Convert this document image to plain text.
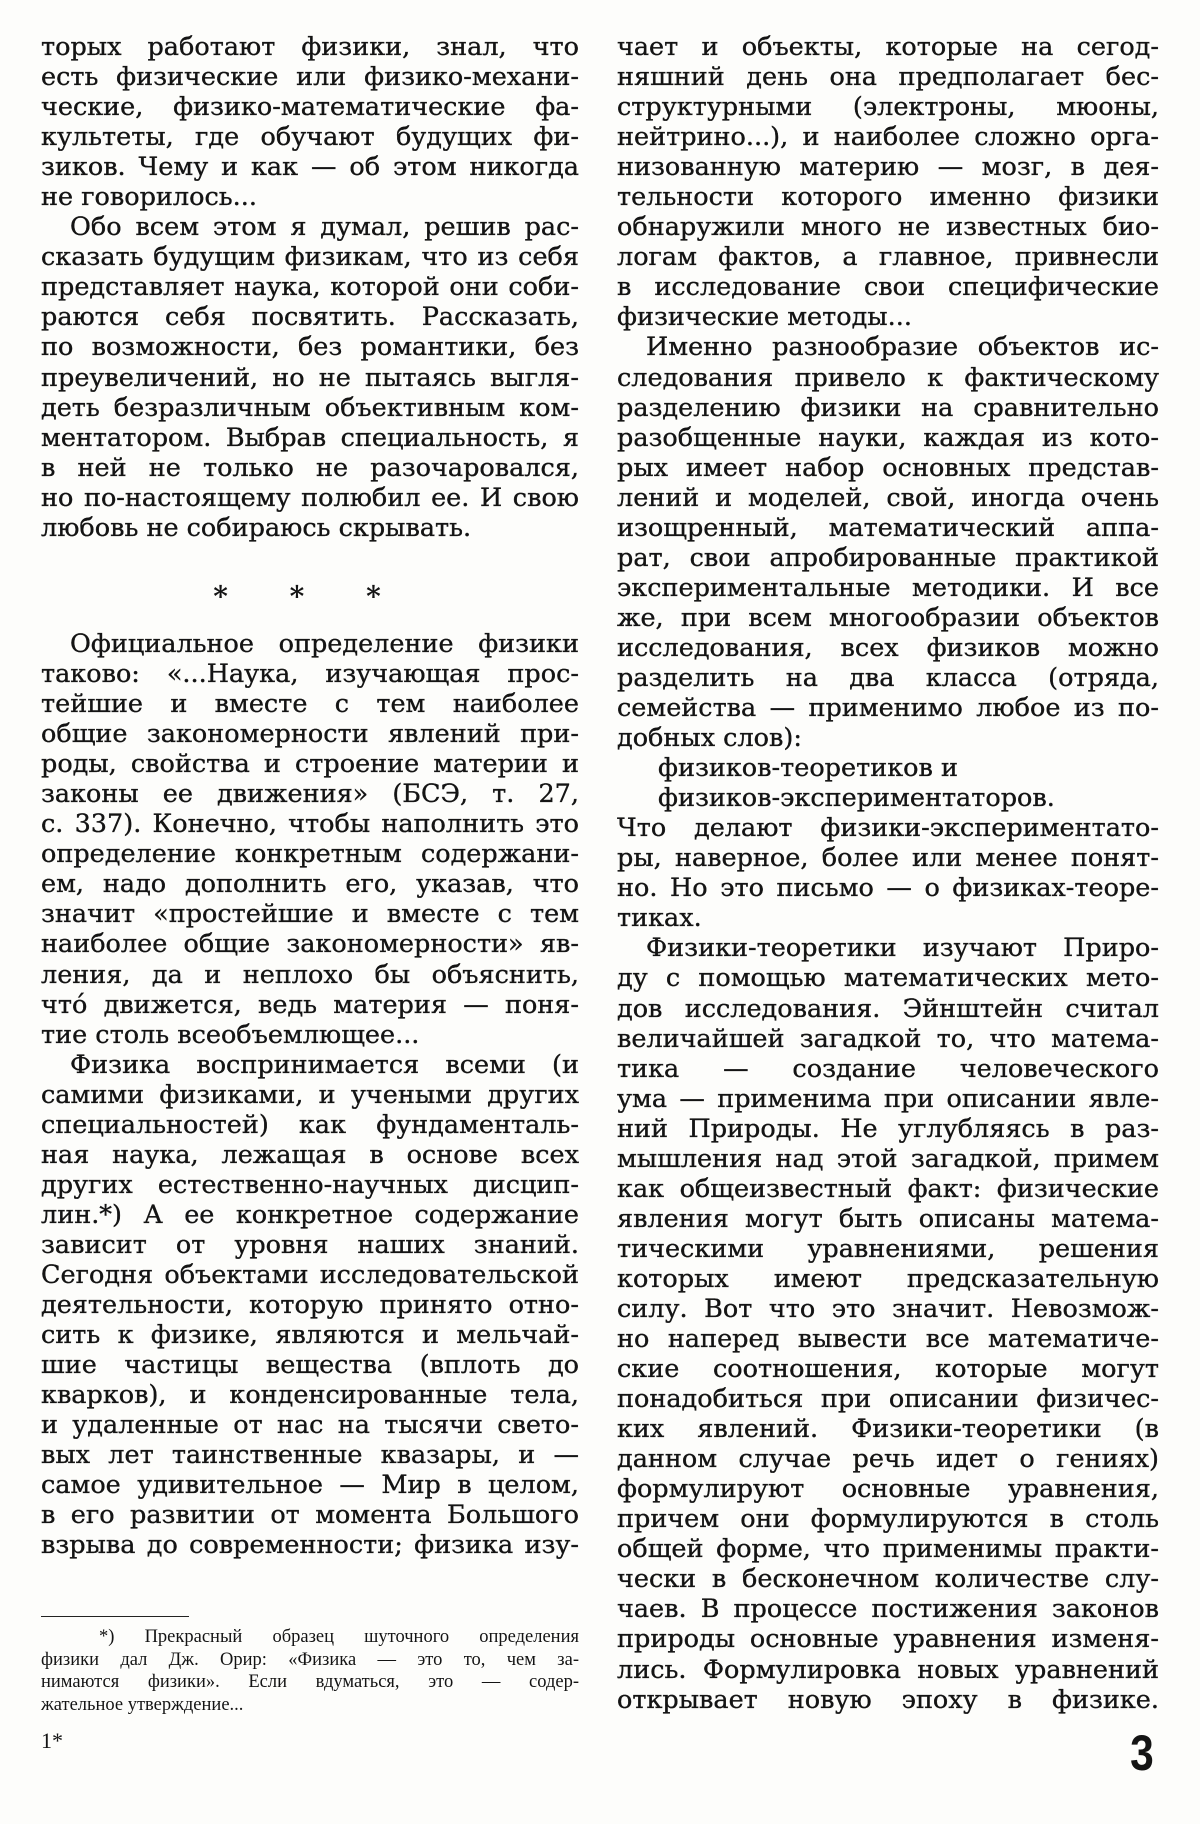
торых работают физики, знал, что
есть физические или физико-механи-
ческие, физико-математические фа-
культеты, где обучают будущих фи-
зиков. Чему и как — об этом никогда
не говорилось...
Обо всем этом я думал, решив рас-
сказать будущим физикам, что из себя
представляет наука, которой они соби-
раются себя посвятить. Рассказать,
по возможности, без романтики, без
преувеличений, но не пытаясь выгля-
деть безразличным объективным ком-
ментатором. Выбрав специальность, я
в ней не только не разочаровался,
но по-настоящему полюбил ее. И свою
любовь не собираюсь скрывать.
* * *
Официальное определение физики
таково: «...Наука, изучающая прос-
тейшие и вместе с тем наиболее
общие закономерности явлений при-
роды, свойства и строение материи и
законы ее движения» (БСЭ, т. 27,
с. 337). Конечно, чтобы наполнить это
определение конкретным содержани-
ем, надо дополнить его, указав, что
значит «простейшие и вместе с тем
наиболее общие закономерности» яв-
ления, да и неплохо бы объяснить,
что́ движется, ведь материя — поня-
тие столь всеобъемлющее...
Физика воспринимается всеми (и
самими физиками, и учеными других
специальностей) как фундаменталь-
ная наука, лежащая в основе всех
других естественно-научных дисцип-
лин.*) А ее конкретное содержание
зависит от уровня наших знаний.
Сегодня объектами исследовательской
деятельности, которую принято отно-
сить к физике, являются и мельчай-
шие частицы вещества (вплоть до
кварков), и конденсированные тела,
и удаленные от нас на тысячи свето-
вых лет таинственные квазары, и —
самое удивительное — Мир в целом,
в его развитии от момента Большого
взрыва до современности; физика изу-
чает и объекты, которые на сегод-
няшний день она предполагает бес-
структурными (электроны, мюоны,
нейтрино...), и наиболее сложно орга-
низованную материю — мозг, в дея-
тельности которого именно физики
обнаружили много не известных био-
логам фактов, а главное, привнесли
в исследование свои специфические
физические методы...
Именно разнообразие объектов ис-
следования привело к фактическому
разделению физики на сравнительно
разобщенные науки, каждая из кото-
рых имеет набор основных представ-
лений и моделей, свой, иногда очень
изощренный, математический аппа-
рат, свои апробированные практикой
экспериментальные методики. И все
же, при всем многообразии объектов
исследования, всех физиков можно
разделить на два класса (отряда,
семейства — применимо любое из по-
добных слов):
физиков-теоретиков и
физиков-экспериментаторов.
Что делают физики-экспериментато-
ры, наверное, более или менее понят-
но. Но это письмо — о физиках-теоре-
тиках.
Физики-теоретики изучают Приро-
ду с помощью математических мето-
дов исследования. Эйнштейн считал
величайшей загадкой то, что матема-
тика — создание человеческого
ума — применима при описании явле-
ний Природы. Не углубляясь в раз-
мышления над этой загадкой, примем
как общеизвестный факт: физические
явления могут быть описаны матема-
тическими уравнениями, решения
которых имеют предсказательную
силу. Вот что это значит. Невозмож-
но наперед вывести все математиче-
ские соотношения, которые могут
понадобиться при описании физичес-
ких явлений. Физики-теоретики (в
данном случае речь идет о гениях)
формулируют основные уравнения,
причем они формулируются в столь
общей форме, что применимы практи-
чески в бесконечном количестве слу-
чаев. В процессе постижения законов
природы основные уравнения изменя-
лись. Формулировка новых уравнений
открывает новую эпоху в физике.
*) Прекрасный образец шуточного определения
физики дал Дж. Орир: «Физика — это то, чем за-
нимаются физики». Если вдуматься, это — содер-
жательное утверждение...
1*	3
